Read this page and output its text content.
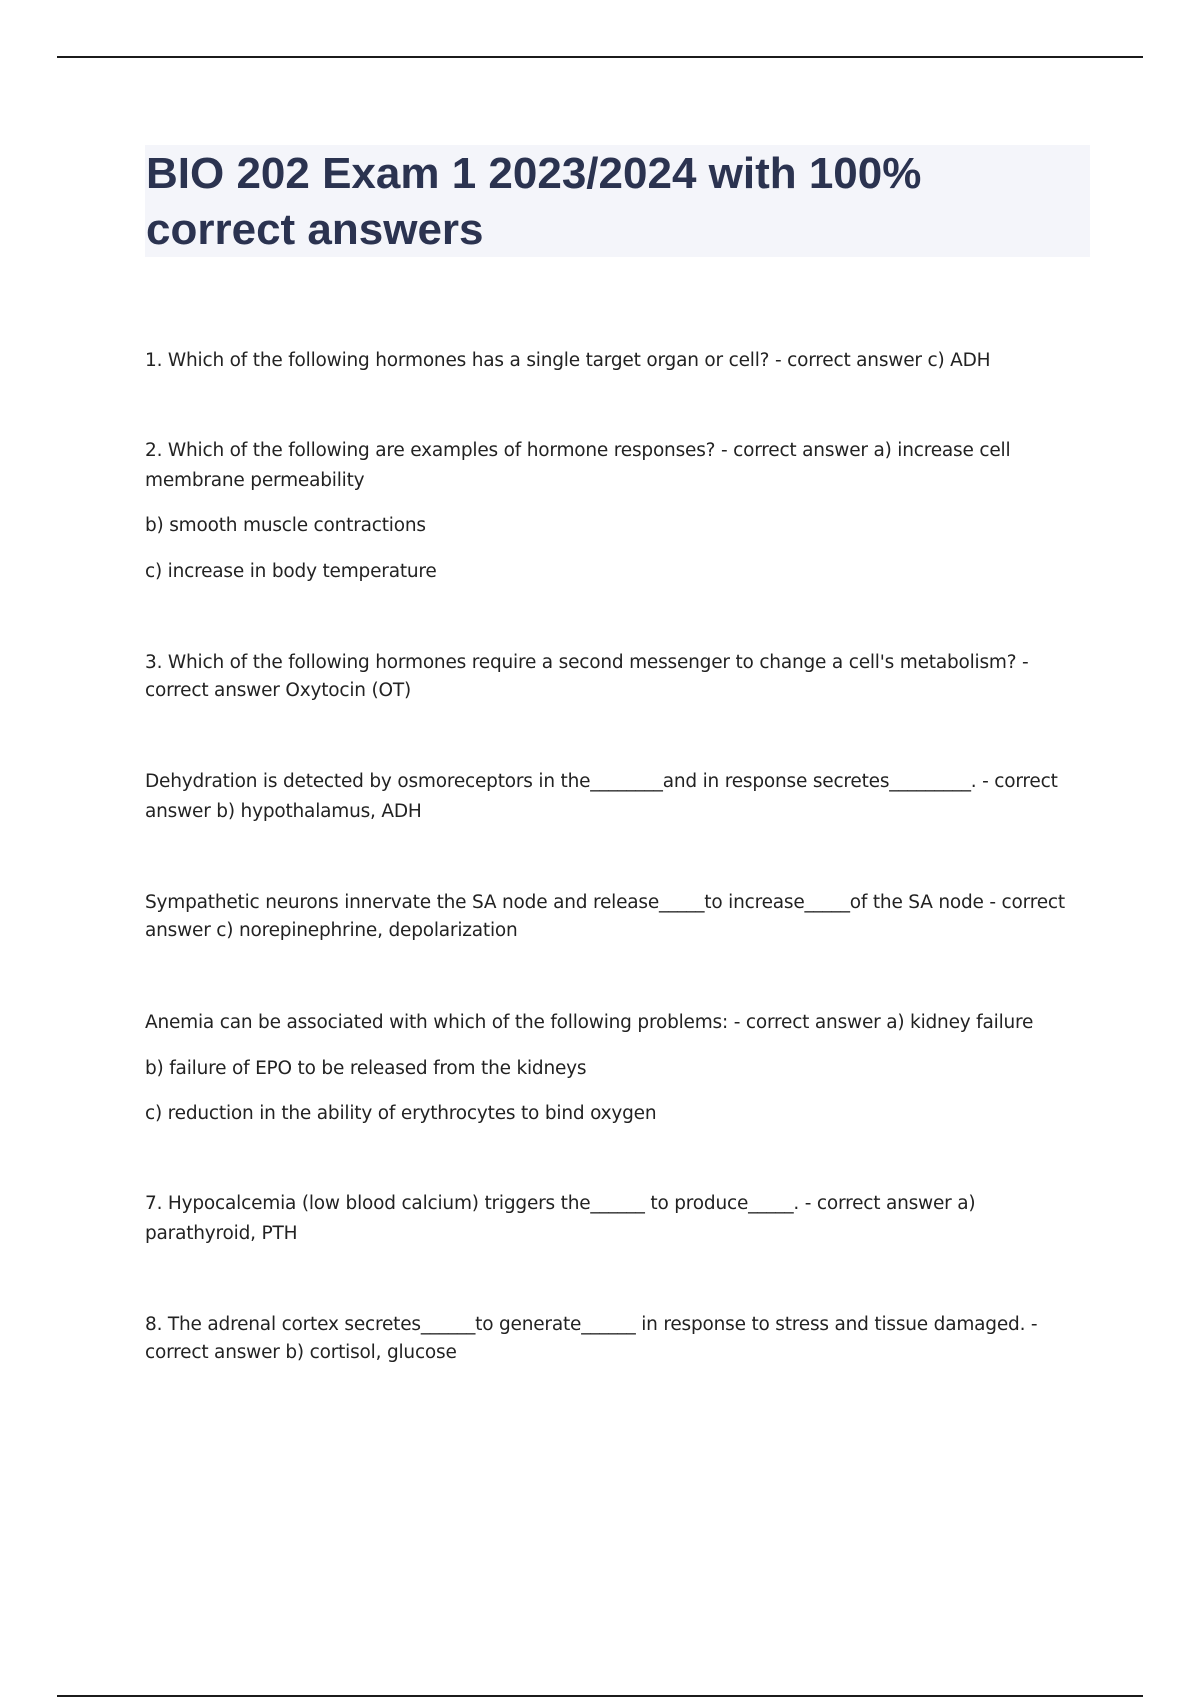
BIO 202 Exam 1 2023/2024 with 100%
correct answers
1. Which of the following hormones has a single target organ or cell? - correct answer c) ADH
2. Which of the following are examples of hormone responses? - correct answer a) increase cell
membrane permeability
b) smooth muscle contractions
c) increase in body temperature
3. Which of the following hormones require a second messenger to change a cell's metabolism? -
correct answer Oxytocin (OT)
Dehydration is detected by osmoreceptors in the________and in response secretes_________. - correct
answer b) hypothalamus, ADH
Sympathetic neurons innervate the SA node and release_____to increase_____of the SA node - correct
answer c) norepinephrine, depolarization
Anemia can be associated with which of the following problems: - correct answer a) kidney failure
b) failure of EPO to be released from the kidneys
c) reduction in the ability of erythrocytes to bind oxygen
7. Hypocalcemia (low blood calcium) triggers the______ to produce_____. - correct answer a)
parathyroid, PTH
8. The adrenal cortex secretes______to generate______ in response to stress and tissue damaged. -
correct answer b) cortisol, glucose
